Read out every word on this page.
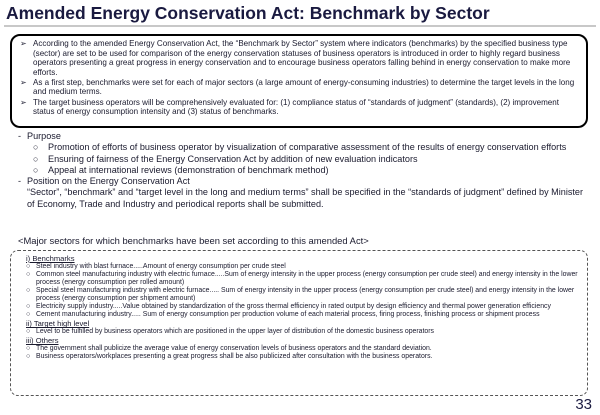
Amended Energy Conservation Act: Benchmark by Sector
➢ According to the amended Energy Conservation Act, the “Benchmark by Sector” system where indicators (benchmarks) by the specified business type (sector) are set to be used for comparison of the energy conservation statuses of business operators is introduced in order to highly regard business operators presenting a great progress in energy conservation and to encourage business operators falling behind in energy conservation to make more efforts.
➢ As a first step, benchmarks were set for each of major sectors (a large amount of energy-consuming industries) to determine the target levels in the long and medium terms.
➢ The target business operators will be comprehensively evaluated for: (1) compliance status of “standards of judgment” (standards), (2) improvement status of energy consumption intensity and (3) status of benchmarks.
- Purpose
○ Promotion of efforts of business operator by visualization of comparative assessment of the results of energy conservation efforts
○ Ensuring of fairness of the Energy Conservation Act by addition of new evaluation indicators
○ Appeal at international reviews (demonstration of benchmark method)
- Position on the Energy Conservation Act
“Sector”, “benchmark” and “target level in the long and medium terms” shall be specified in the “standards of judgment” defined by Minister of Economy, Trade and Industry and periodical reports shall be submitted.
<Major sectors for which benchmarks have been set according to this amended Act>
i) Benchmarks
○ Steel industry with blast furnace.....Amount of energy consumption per crude steel
○ Common steel manufacturing industry with electric furnace.....Sum of energy intensity in the upper process (energy consumption per crude steel) and energy intensity in the lower process (energy consumption per rolled amount)
○ Special steel manufacturing industry with electric furnace..... Sum of energy intensity in the upper process (energy consumption per crude steel) and energy intensity in the lower process (energy consumption per shipment amount)
○ Electricity supply industry.....Value obtained by standardization of the gross thermal efficiency in rated output by design efficiency and thermal power generation efficiency
○ Cement manufacturing industry..... Sum of energy consumption per production volume of each material process, firing process, finishing process or shipment process
ii) Target high level
○ Level to be fulfilled by business operators which are positioned in the upper layer of distribution of the domestic business operators
iii) Others
○ The government shall publicize the average value of energy conservation levels of business operators and the standard deviation.
○ Business operators/workplaces presenting a great progress shall be also publicized after consultation with the business operators.
33
